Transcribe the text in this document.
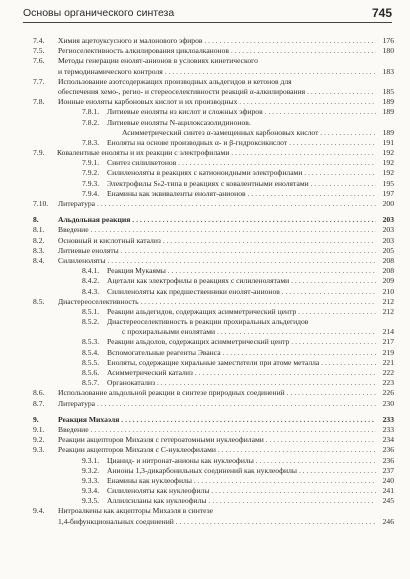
Основы органического синтеза	745
7.4. Химия ацетоуксусного и малонового эфиров . . .	176
7.5. Региоселективность алкилирования циклоалканонов . . .	180
7.6. Методы генерации енолят-анионов в условиях кинетического
и термодинамического контроля . . .	183
7.7. Использование азотсодержащих производных альдегидов и кетонов для
обеспечения хемо-, регио- и стереоселективности реакций α-алкилирования . . .	185
7.8. Ионные еноляты карбоновых кислот и их производных . . .	189
7.8.1. Литиевые еноляты из кислот и сложных эфиров . . .	189
7.8.2. Литиевые еноляты N-ацилоксазолидинонов.
Асимметрический синтез α-замещенных карбоновых кислот . . .	189
7.8.3. Еноляты на основе производных α- и β-гидроксикислот . . .	191
7.9. Ковалентные еноляты и их реакции с электрофилами . . .	192
7.9.1. Синтез силилкетонов . . .	192
7.9.2. Силиленоляты в реакциях с катионоидными электрофилами . . .	192
7.9.3. Электрофилы Sₙ2-типа в реакциях с ковалентными енолятами . . .	195
7.9.4. Енамины как эквиваленты енолят-анионов . . .	197
7.10. Литература . . .	200
8.	Альдольная реакция . . .	203
8.1. Введение . . .	203
8.2. Основный и кислотный катализ . . .	203
8.3. Литиевые еноляты . . .	205
8.4. Силиленоляты . . .	208
8.4.1. Реакция Мукаямы . . .	208
8.4.2. Ацетали как электрофилы в реакциях с силиленолятами . . .	209
8.4.3. Силиленоляты как предшественники енолят-анионов . . .	210
8.5. Диастереоселективность . . .	212
8.5.1. Реакции альдегидов, содержащих асимметрический центр . . .	212
8.5.2. Диастереоселективность в реакции прохиральных альдегидов
с прохиральными енолятами . . .	214
8.5.3. Реакции альдолов, содержащих асимметрический центр . . .	217
8.5.4. Вспомогательные реагенты Эванса . . .	219
8.5.5. Еноляты, содержащие хиральные заместители при атоме металла . . .	221
8.5.6. Асимметрический катализ . . .	222
8.5.7. Органокатализ . . .	223
8.6. Использование альдольной реакции в синтезе природных соединений . . .	226
8.7. Литература . . .	230
9.	Реакция Михаэля . . .	233
9.1. Введение . . .	233
9.2. Реакции акцепторов Михаэля с гетероатомными нуклеофилами . . .	234
9.3. Реакции акцепторов Михаэля с C-нуклеофилами . . .	236
9.3.1. Цианид- и нитронат-анионы как нуклеофилы . . .	236
9.3.2. Анионы 1,3-дикарбонильных соединений как нуклеофилы . . .	237
9.3.3. Енамины как нуклеофилы . . .	240
9.3.4. Силиленоляты как нуклеофилы . . .	241
9.3.5. Аллилсиланы как нуклеофилы . . .	245
9.4. Нитроалкены как акцепторы Михаэля в синтезе
1,4-бифункциональных соединений . . .	246
